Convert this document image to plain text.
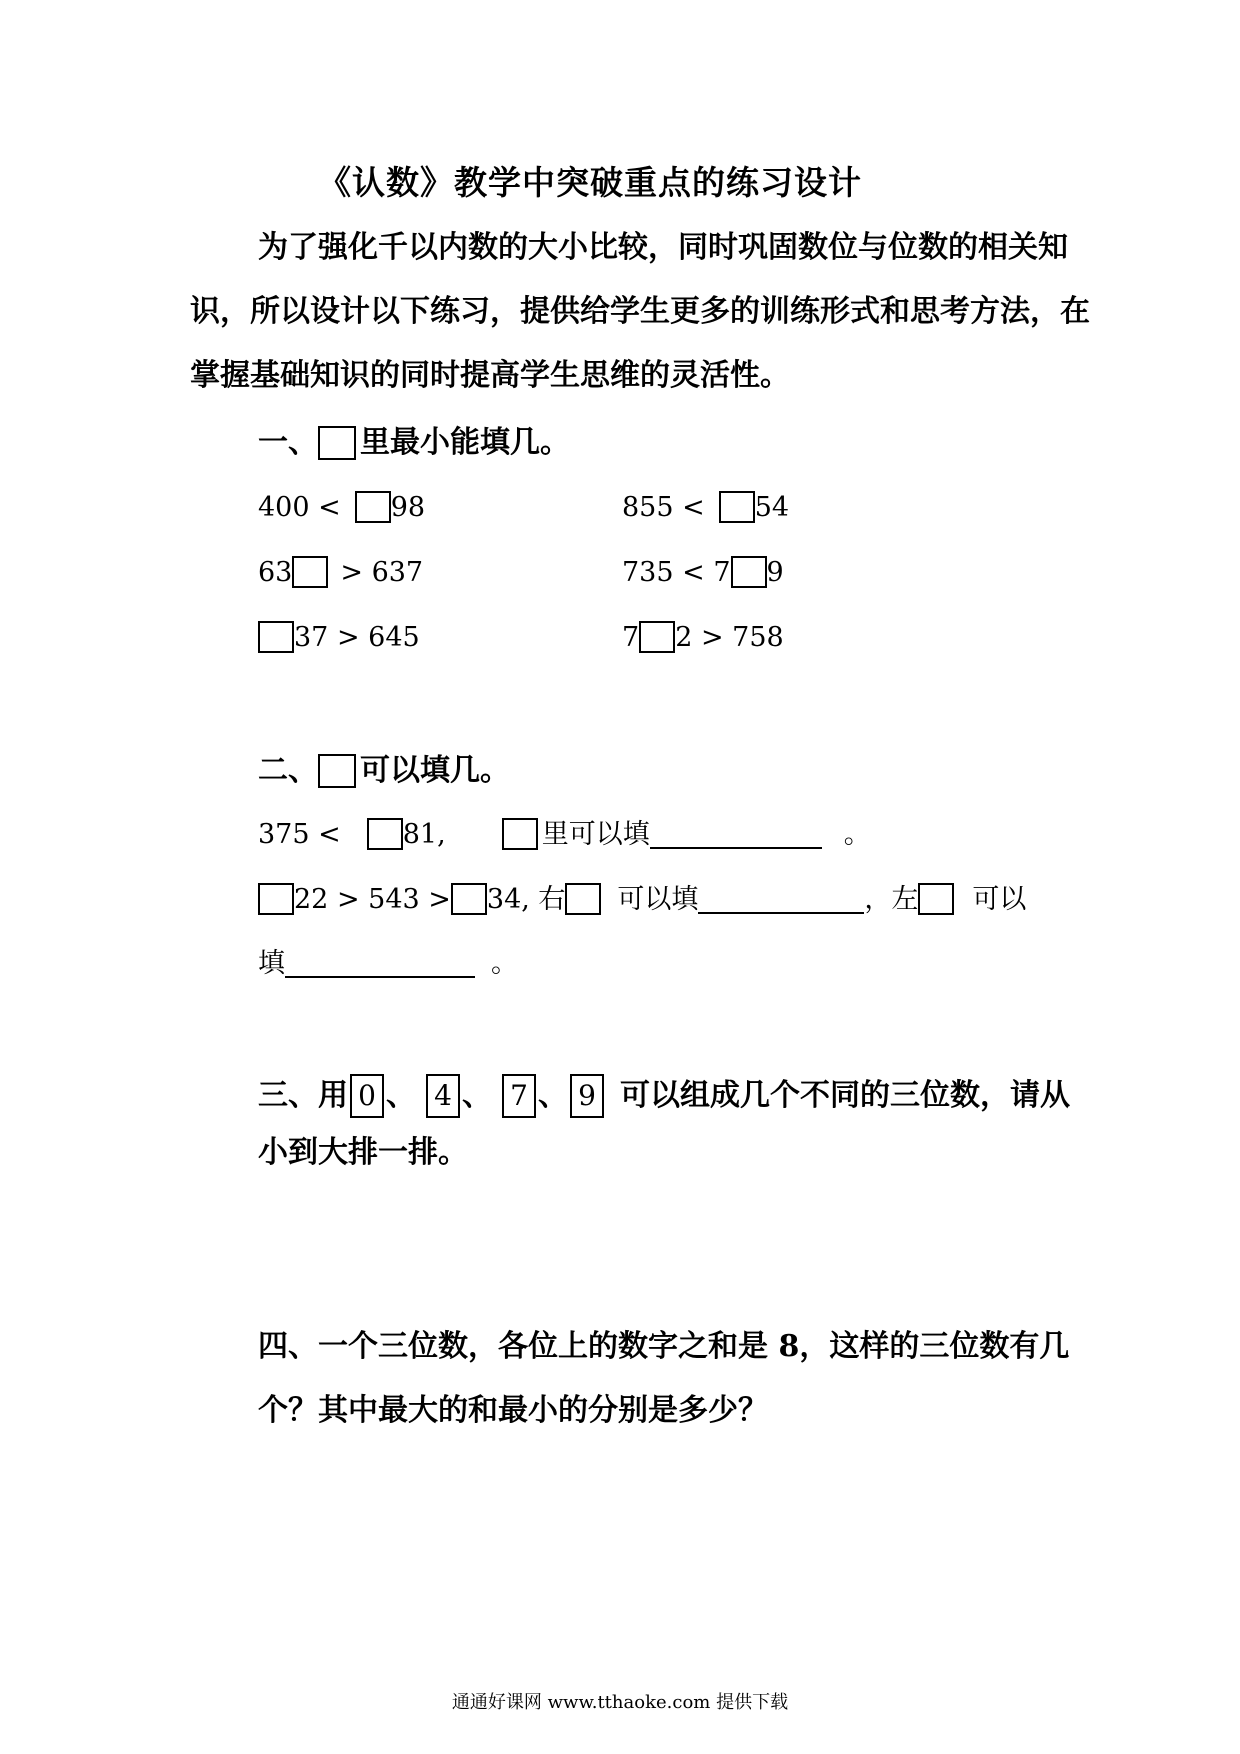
《认数》教学中突破重点的练习设计
为了强化千以内数的大小比较，同时巩固数位与位数的相关知
识，所以设计以下练习，提供给学生更多的训练形式和思考方法，在
掌握基础知识的同时提高学生思维的灵活性。
一、 里最小能填几。
400 < 98	855 < 54
63 > 637	735 < 7 9
37 > 645	7 2 > 758
二、 可以填几。
375 < 81,	里可以填	。
22 > 543 > 34, 右 可以填	，左 可以
填	。
三、用 0 、 4 、 7 、 9 可以组成几个不同的三位数，请从
小到大排一排。
四、一个三位数，各位上的数字之和是 8，这样的三位数有几
个？其中最大的和最小的分别是多少？
通通好课网 www.tthaoke.com 提供下载
